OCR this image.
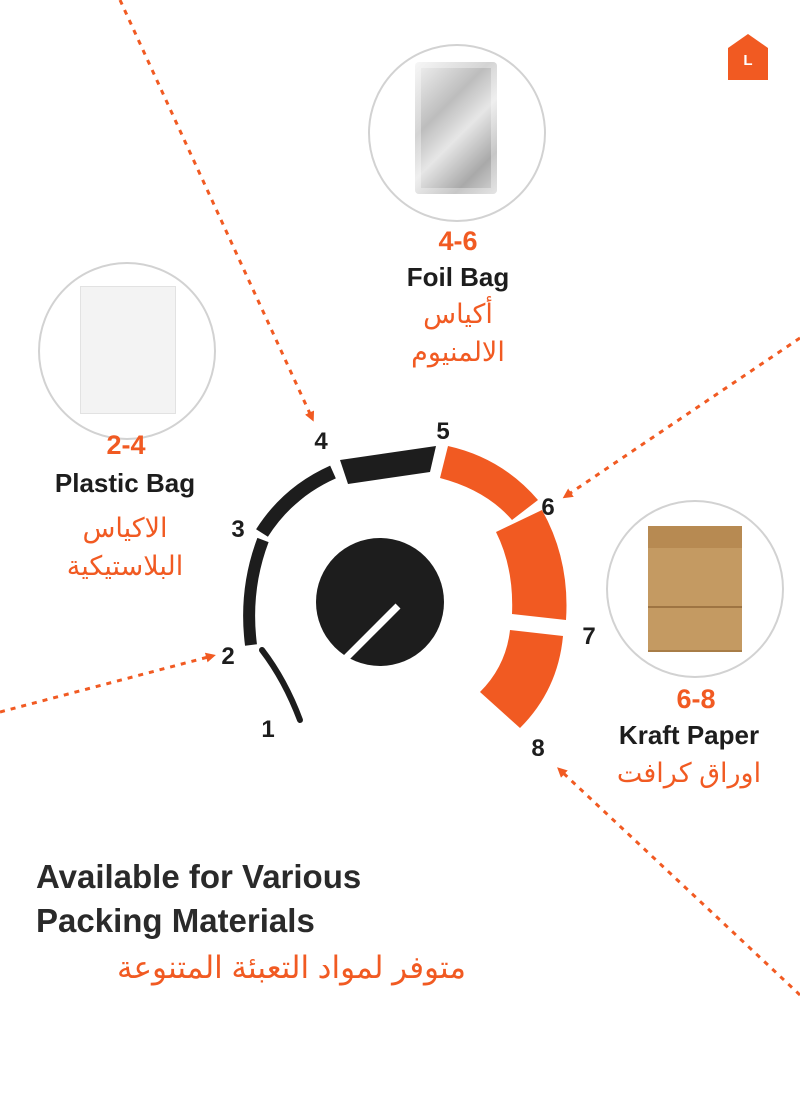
L
4-6
Foil Bag
أكياس
الالمنيوم
2-4
Plastic Bag
الاكياس
البلاستيكية
6-8
Kraft Paper
اوراق كرافت
1
2
3
4	5
6
7
8
Available for Various
Packing Materials
متوفر لمواد التعبئة المتنوعة
